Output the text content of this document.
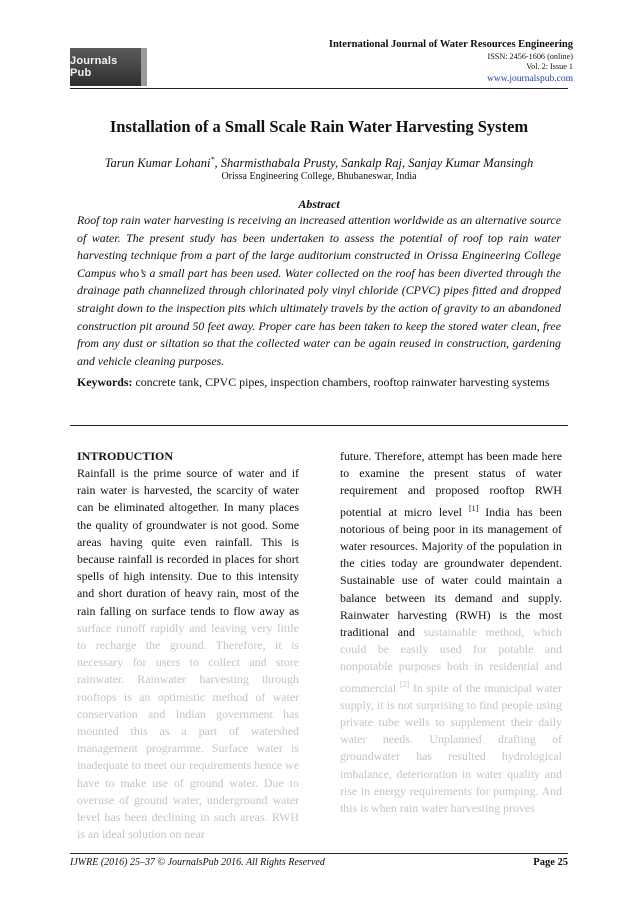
Journals Pub
International Journal of Water Resources Engineering
ISSN: 2456-1606 (online)
Vol. 2: Issue 1
www.journalspub.com
Installation of a Small Scale Rain Water Harvesting System
Tarun Kumar Lohani*, Sharmisthabala Prusty, Sankalp Raj, Sanjay Kumar Mansingh
Orissa Engineering College, Bhubaneswar, India
Abstract

Roof top rain water harvesting is receiving an increased attention worldwide as an alternative source of water. The present study has been undertaken to assess the potential of roof top rain water harvesting technique from a part of the large auditorium constructed in Orissa Engineering College Campus who’s a small part has been used. Water collected on the roof has been diverted through the drainage path channelized through chlorinated poly vinyl chloride (CPVC) pipes fitted and dropped straight down to the inspection pits which ultimately travels by the action of gravity to an abandoned construction pit around 50 feet away. Proper care has been taken to keep the stored water clean, free from any dust or siltation so that the collected water can be again reused in construction, gardening and vehicle cleaning purposes.

Keywords: concrete tank, CPVC pipes, inspection chambers, rooftop rainwater harvesting systems

INTRODUCTION

Rainfall is the prime source of water and if rain water is harvested, the scarcity of water can be eliminated altogether. In many places the quality of groundwater is not good. Some areas having quite even rainfall. This is because rainfall is recorded in places for short spells of high intensity. Due to this intensity and short duration of heavy rain, most of the rain falling on surface tends to flow away as surface runoff rapidly and leaving very little to recharge the ground. Therefore, it is necessary for users to collect and store rainwater. Rainwater harvesting through rooftops is an optimistic method of water conservation and Indian government has mounted this as a part of watershed management programme. Surface water is inadequate to meet our requirements hence we have to make use of ground water. Due to overuse of ground water, underground water level has been declining in such areas. RWH is an ideal solution on near

future. Therefore, attempt has been made here to examine the present status of water requirement and proposed rooftop RWH potential at micro level [1] India has been notorious of being poor in its management of water resources. Majority of the population in the cities today are groundwater dependent. Sustainable use of water could maintain a balance between its demand and supply. Rainwater harvesting (RWH) is the most traditional and sustainable method, which could be easily used for potable and nonpotable purposes both in residential and commercial [2] In spite of the municipal water supply, it is not surprising to find people using private tube wells to supplement their daily water needs. Unplanned drafting of groundwater has resulted hydrological imbalance, deterioration in water quality and rise in energy requirements for pumping. And this is when rain water harvesting proves

IJWRE (2016) 25–37 © JournalsPub 2016. All Rights Reserved	Page 25
